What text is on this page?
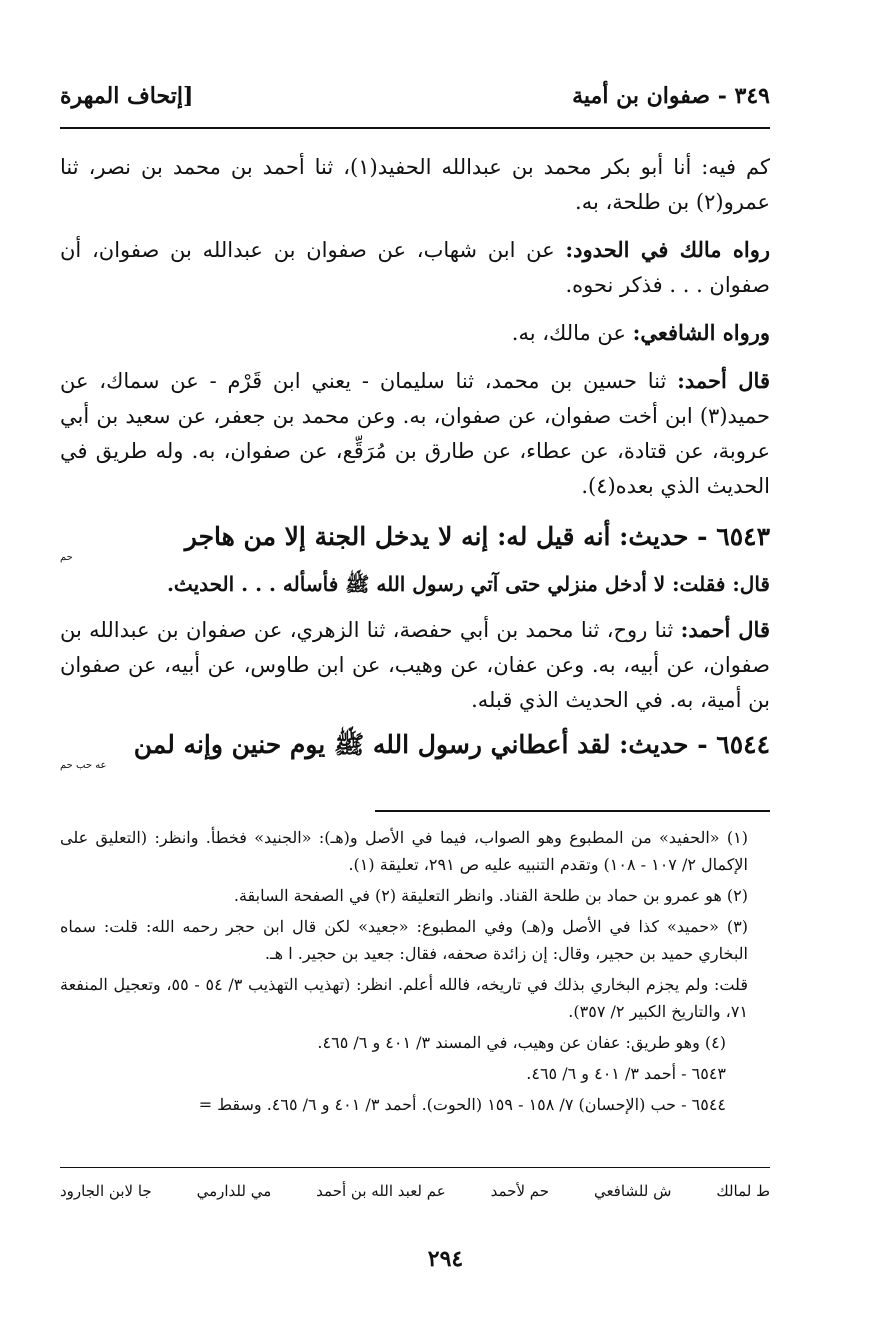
٣٤٩ - صفوان بن أمية
[إتحاف المهرة

كم فيه: أنا أبو بكر محمد بن عبدالله الحفيد(١)، ثنا أحمد بن محمد بن نصر، ثنا عمرو(٢) بن طلحة، به.

رواه مالك في الحدود: عن ابن شهاب، عن صفوان بن عبدالله بن صفوان، أن صفوان . . . فذكر نحوه.

ورواه الشافعي: عن مالك، به.

قال أحمد: ثنا حسين بن محمد، ثنا سليمان - يعني ابن قَرْم - عن سماك، عن حميد(٣) ابن أخت صفوان، عن صفوان، به. وعن محمد بن جعفر، عن سعيد بن أبي عروبة، عن قتادة، عن عطاء، عن طارق بن مُرَقِّع، عن صفوان، به. وله طريق في الحديث الذي بعده(٤).

٦٥٤٣ - حديث: أنه قيل له: إنه لا يدخل الجنة إلا من هاجر

حم

قال: فقلت: لا أدخل منزلي حتى آتي رسول الله ﷺ فأسأله . . . الحديث.

قال أحمد: ثنا روح، ثنا محمد بن أبي حفصة، ثنا الزهري، عن صفوان بن عبدالله بن صفوان، عن أبيه، به. وعن عفان، عن وهيب، عن ابن طاوس، عن أبيه، عن صفوان بن أمية، به. في الحديث الذي قبله.

٦٥٤٤ - حديث: لقد أعطاني رسول الله ﷺ يوم حنين وإنه لمن

عه حب حم

(١) «الحفيد» من المطبوع وهو الصواب، فيما في الأصل و(هـ): «الجنيد» فخطأ. وانظر: (التعليق على الإكمال ٢/ ١٠٧ - ١٠٨) وتقدم التنبيه عليه ص ٢٩١، تعليقة (١).

(٢) هو عمرو بن حماد بن طلحة القناد. وانظر التعليقة (٢) في الصفحة السابقة.

(٣) «حميد» كذا في الأصل و(هـ) وفي المطبوع: «جعيد» لكن قال ابن حجر رحمه الله: قلت: سماه البخاري حميد بن حجير، وقال: إن زائدة صحفه، فقال: جعيد بن حجير. ا هـ.

قلت: ولم يجزم البخاري بذلك في تاريخه، فالله أعلم. انظر: (تهذيب التهذيب ٣/ ٥٤ - ٥٥، وتعجيل المنفعة ٧١، والتاريخ الكبير ٢/ ٣٥٧).

(٤) وهو طريق: عفان عن وهيب، في المسند ٣/ ٤٠١ و ٦/ ٤٦٥.

٦٥٤٣ - أحمد ٣/ ٤٠١ و ٦/ ٤٦٥.

٦٥٤٤ - حب (الإحسان) ٧/ ١٥٨ - ١٥٩ (الحوت). أحمد ٣/ ٤٠١ و ٦/ ٤٦٥. وسقط =

ط لمالك
ش للشافعي
حم لأحمد
عم لعبد الله بن أحمد
مي للدارمي
جا لابن الجارود
٢٩٤
